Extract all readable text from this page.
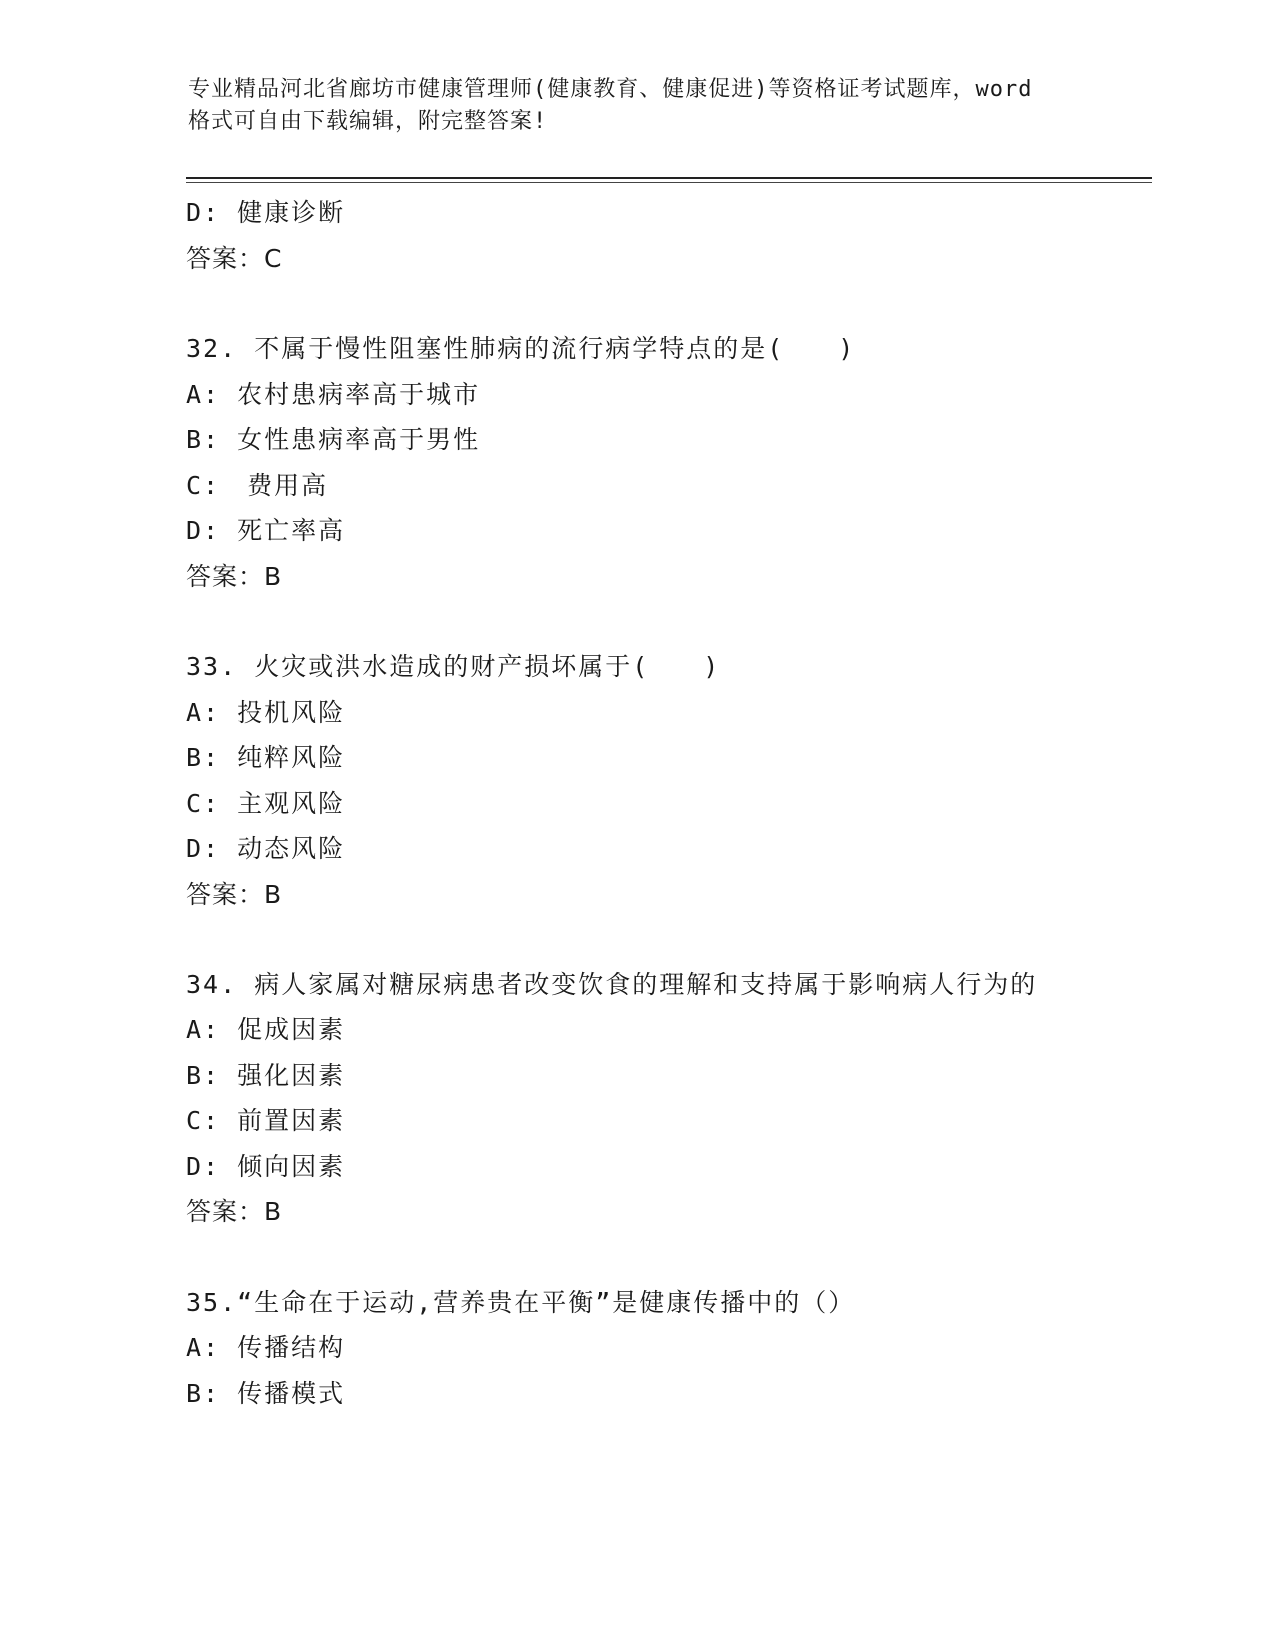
专业精品河北省廊坊市健康管理师(健康教育、健康促进)等资格证考试题库，word
格式可自由下载编辑，附完整答案!
D: 健康诊断
答案：C
32. 不属于慢性阻塞性肺病的流行病学特点的是(　　)
A: 农村患病率高于城市
B: 女性患病率高于男性
C:　费用高
D: 死亡率高
答案：B
33. 火灾或洪水造成的财产损坏属于(　　)
A: 投机风险
B: 纯粹风险
C: 主观风险
D: 动态风险
答案：B
34. 病人家属对糖尿病患者改变饮食的理解和支持属于影响病人行为的
A: 促成因素
B: 强化因素
C: 前置因素
D: 倾向因素
答案：B
35.“生命在于运动,营养贵在平衡”是健康传播中的（）
A: 传播结构
B: 传播模式
